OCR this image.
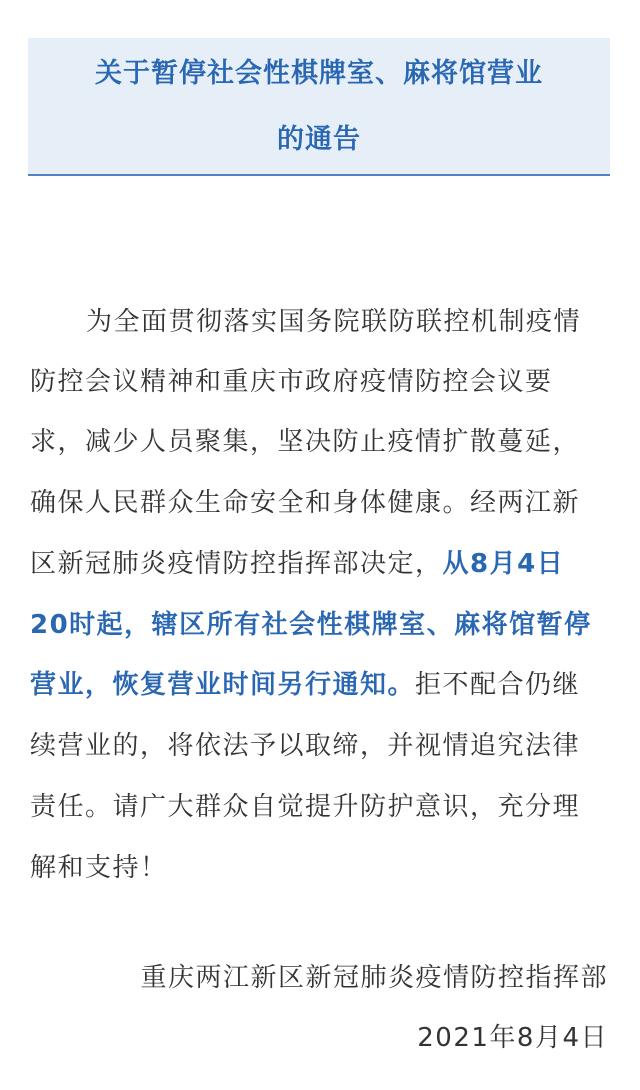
关于暂停社会性棋牌室、麻将馆营业
的通告
为全面贯彻落实国务院联防联控机制疫情
防控会议精神和重庆市政府疫情防控会议要
求，减少人员聚集，坚决防止疫情扩散蔓延，
确保人民群众生命安全和身体健康。经两江新
区新冠肺炎疫情防控指挥部决定，从8月4日
20时起，辖区所有社会性棋牌室、麻将馆暂停
营业，恢复营业时间另行通知。拒不配合仍继
续营业的，将依法予以取缔，并视情追究法律
责任。请广大群众自觉提升防护意识，充分理
解和支持！
重庆两江新区新冠肺炎疫情防控指挥部
2021年8月4日
